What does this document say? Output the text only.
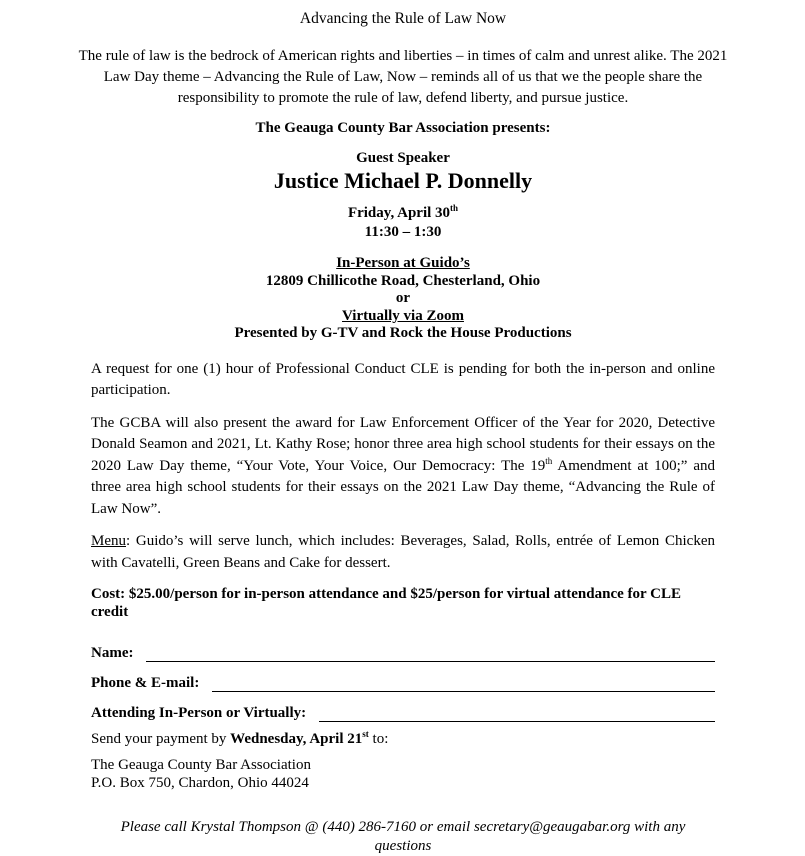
Advancing the Rule of Law Now

The rule of law is the bedrock of American rights and liberties – in times of calm and unrest alike. The 2021 Law Day theme – Advancing the Rule of Law, Now – reminds all of us that we the people share the responsibility to promote the rule of law, defend liberty, and pursue justice.

The Geauga County Bar Association presents:

Guest Speaker
Justice Michael P. Donnelly
Friday, April 30th
11:30 – 1:30
In-Person at Guido’s
12809 Chillicothe Road, Chesterland, Ohio
or
Virtually via Zoom
Presented by G-TV and Rock the House Productions

A request for one (1) hour of Professional Conduct CLE is pending for both the in-person and online participation.

The GCBA will also present the award for Law Enforcement Officer of the Year for 2020, Detective Donald Seamon and 2021, Lt. Kathy Rose; honor three area high school students for their essays on the 2020 Law Day theme, “Your Vote, Your Voice, Our Democracy: The 19th Amendment at 100;” and three area high school students for their essays on the 2021 Law Day theme, “Advancing the Rule of Law Now”.

Menu: Guido’s will serve lunch, which includes: Beverages, Salad, Rolls, entrée of Lemon Chicken with Cavatelli, Green Beans and Cake for dessert.

Cost: $25.00/person for in-person attendance and $25/person for virtual attendance for CLE credit

Name:
Phone & E-mail:
Attending In-Person or Virtually:

Send your payment by Wednesday, April 21st to:

The Geauga County Bar Association
P.O. Box 750, Chardon, Ohio 44024

Please call Krystal Thompson @ (440) 286-7160 or email secretary@geaugabar.org with any questions
